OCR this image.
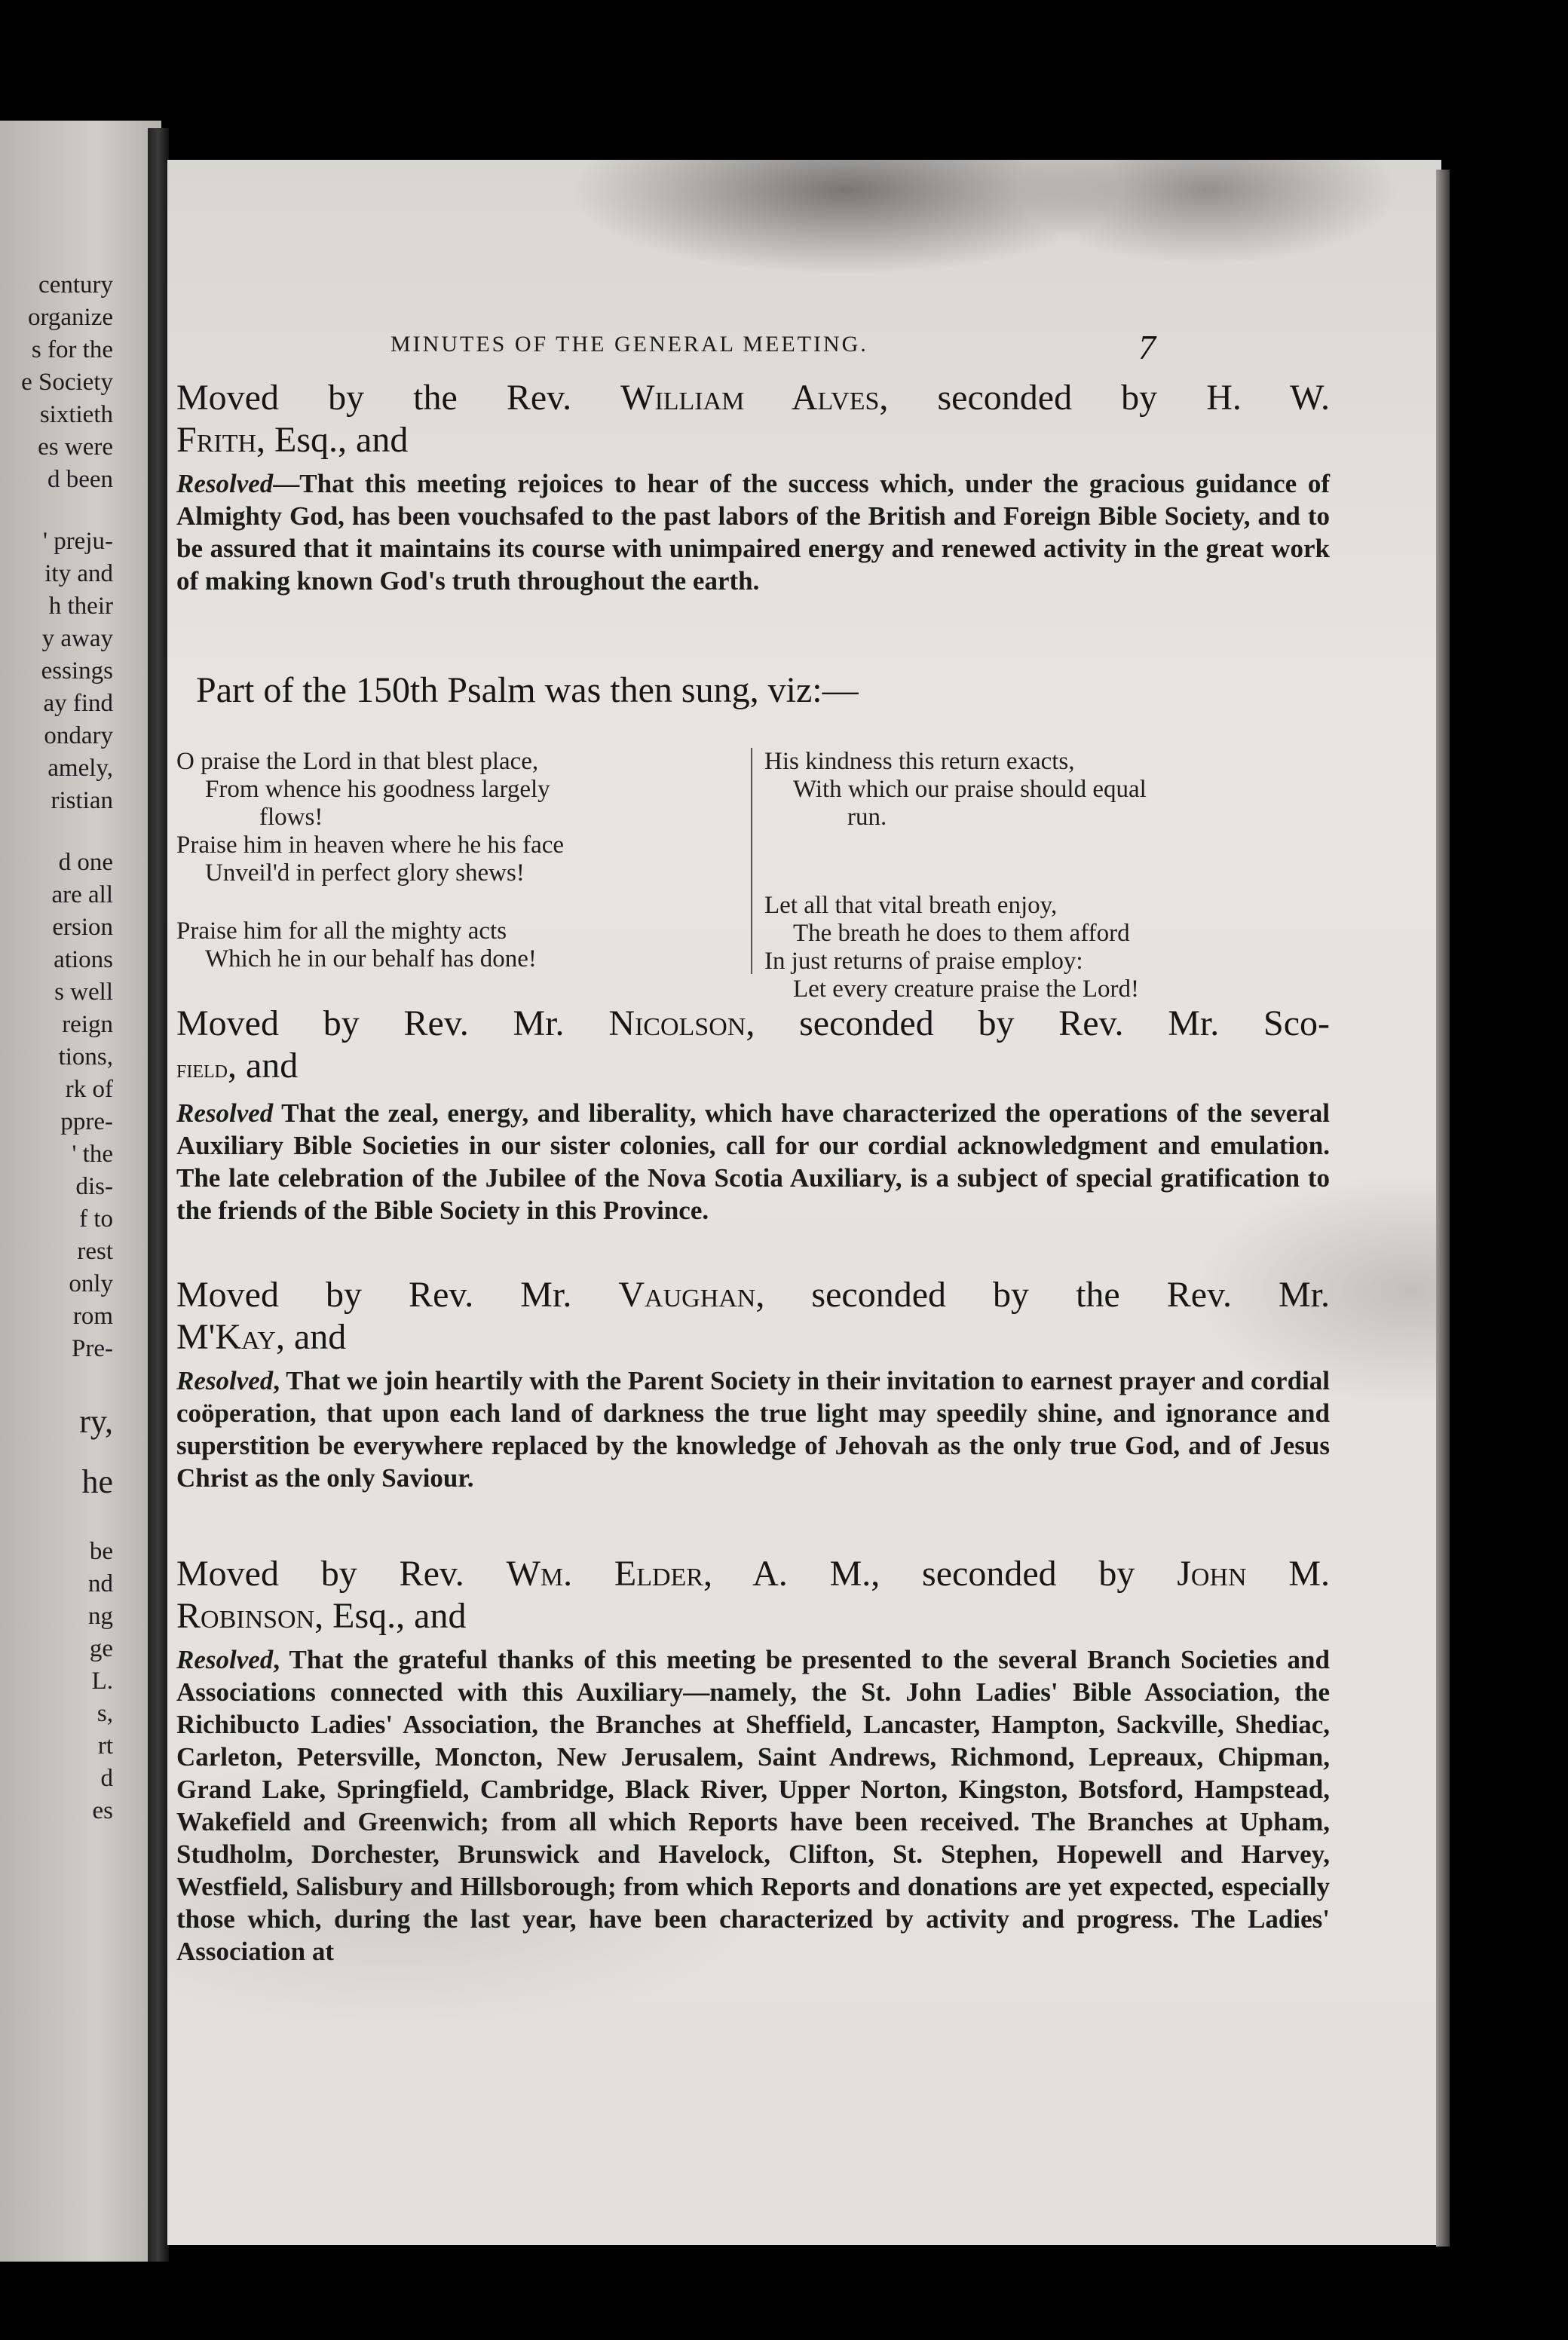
century
organize
s for the
e Society
sixtieth
es were
d been
' preju-
ity and
h their
y away
essings
ay find
ondary
amely,
ristian
d one
are all
ersion
ations
s well
reign
tions,
rk of
ppre-
' the
dis-
f to
rest
only
rom
Pre-
ry,
he
be
nd
ng
ge
L.
s,
rt
d
es
MINUTES OF THE GENERAL MEETING.	7

Moved by the Rev. William Alves, seconded by H. W.

Frith, Esq., and

Resolved—That this meeting rejoices to hear of the success which, under the gracious guidance of Almighty God, has been vouchsafed to the past labors of the British and Foreign Bible Society, and to be assured that it maintains its course with unimpaired energy and renewed activity in the great work of making known God's truth throughout the earth.

Part of the 150th Psalm was then sung, viz:—

O praise the Lord in that blest place,
From whence his goodness largely
flows!
Praise him in heaven where he his face
Unveil'd in perfect glory shews!
Praise him for all the mighty acts
Which he in our behalf has done!
His kindness this return exacts,
With which our praise should equal
run.
Let all that vital breath enjoy,
The breath he does to them afford
In just returns of praise employ:
Let every creature praise the Lord!

Moved by Rev. Mr. Nicolson, seconded by Rev. Mr. Sco-

field, and

Resolved That the zeal, energy, and liberality, which have characterized the operations of the several Auxiliary Bible Societies in our sister colonies, call for our cordial acknowledgment and emulation. The late celebration of the Jubilee of the Nova Scotia Auxiliary, is a subject of special gratification to the friends of the Bible Society in this Province.

Moved by Rev. Mr. Vaughan, seconded by the Rev. Mr.

M'Kay, and

Resolved, That we join heartily with the Parent Society in their invitation to earnest prayer and cordial coöperation, that upon each land of darkness the true light may speedily shine, and ignorance and superstition be everywhere replaced by the knowledge of Jehovah as the only true God, and of Jesus Christ as the only Saviour.

Moved by Rev. Wm. Elder, A. M., seconded by John M.

Robinson, Esq., and

Resolved, That the grateful thanks of this meeting be presented to the several Branch Societies and Associations connected with this Auxiliary—namely, the St. John Ladies' Bible Association, the Richibucto Ladies' Association, the Branches at Sheffield, Lancaster, Hampton, Sackville, Shediac, Carleton, Petersville, Moncton, New Jerusalem, Saint Andrews, Richmond, Lepreaux, Chipman, Grand Lake, Springfield, Cambridge, Black River, Upper Norton, Kingston, Botsford, Hampstead, Wakefield and Greenwich; from all which Reports have been received. The Branches at Upham, Studholm, Dorchester, Brunswick and Havelock, Clifton, St. Stephen, Hopewell and Harvey, Westfield, Salisbury and Hillsborough; from which Reports and donations are yet expected, especially those which, during the last year, have been characterized by activity and progress. The Ladies' Association at
